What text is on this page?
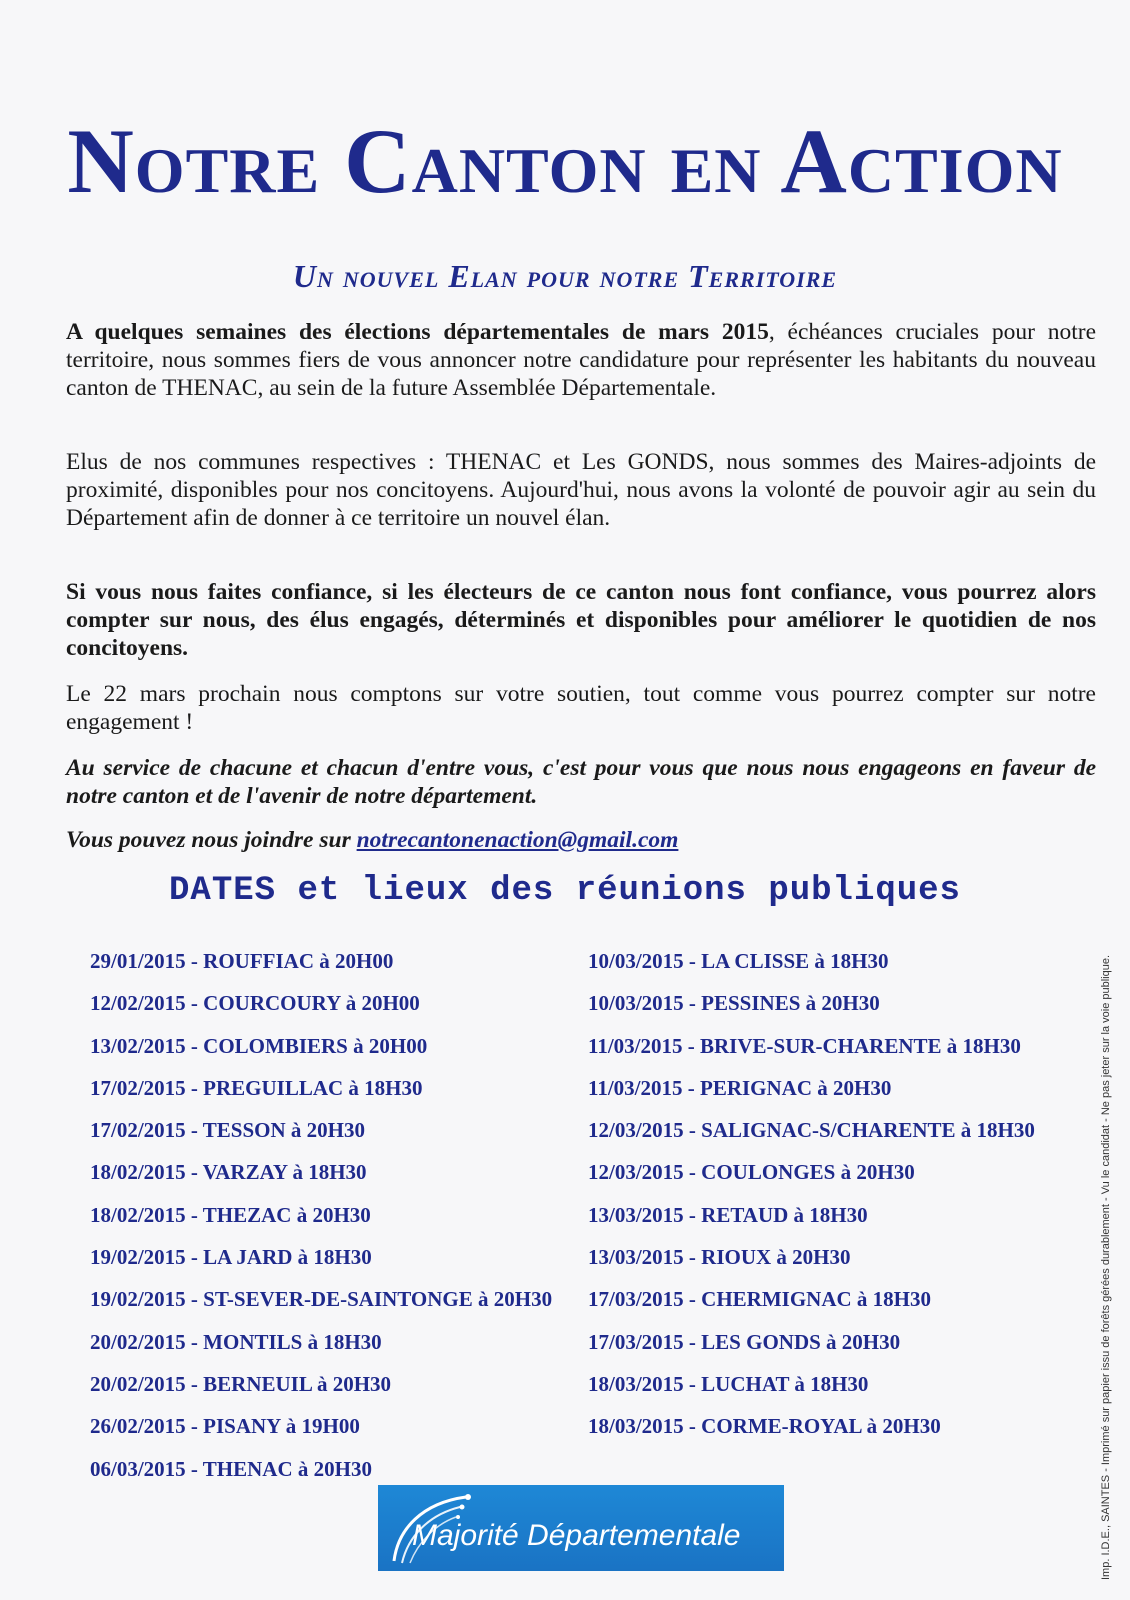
Notre Canton en Action
Un nouvel Elan pour notre Territoire

A quelques semaines des élections départementales de mars 2015, échéances cruciales pour notre territoire, nous sommes fiers de vous annoncer notre candidature pour représenter les habitants du nouveau canton de THENAC, au sein de la future Assemblée Départementale.

Elus de nos communes respectives : THENAC et Les GONDS, nous sommes des Maires-adjoints de proximité, disponibles pour nos concitoyens. Aujourd'hui, nous avons la volonté de pouvoir agir au sein du Département afin de donner à ce territoire un nouvel élan.

Si vous nous faites confiance, si les électeurs de ce canton nous font confiance, vous pourrez alors compter sur nous, des élus engagés, déterminés et disponibles pour améliorer le quotidien de nos concitoyens.

Le 22 mars prochain nous comptons sur votre soutien, tout comme vous pourrez compter sur notre engagement !

Au service de chacune et chacun d'entre vous, c'est pour vous que nous nous engageons en faveur de notre canton et de l'avenir de notre département.

Vous pouvez nous joindre sur notrecantonenaction@gmail.com

DATES et lieux des réunions publiques
29/01/2015 - ROUFFIAC à 20H00
12/02/2015 - COURCOURY à 20H00
13/02/2015 - COLOMBIERS à 20H00
17/02/2015 - PREGUILLAC à 18H30
17/02/2015 - TESSON à 20H30
18/02/2015 - VARZAY à 18H30
18/02/2015 - THEZAC à 20H30
19/02/2015 - LA JARD à 18H30
19/02/2015 - ST-SEVER-DE-SAINTONGE à 20H30
20/02/2015 - MONTILS à 18H30
20/02/2015 - BERNEUIL à 20H30
26/02/2015 - PISANY à 19H00
06/03/2015 - THENAC à 20H30
10/03/2015 - LA CLISSE à 18H30
10/03/2015 - PESSINES à 20H30
11/03/2015 - BRIVE-SUR-CHARENTE à 18H30
11/03/2015 - PERIGNAC à 20H30
12/03/2015 - SALIGNAC-S/CHARENTE à 18H30
12/03/2015 - COULONGES à 20H30
13/03/2015 - RETAUD à 18H30
13/03/2015 - RIOUX à 20H30
17/03/2015 - CHERMIGNAC à 18H30
17/03/2015 - LES GONDS à 20H30
18/03/2015 - LUCHAT à 18H30
18/03/2015 - CORME-ROYAL à 20H30	Imp. I.D.E., SAINTES - Imprimé sur papier issu de forêts gérées durablement - Vu le candidat - Ne pas jeter sur la voie publique.
Majorité Départementale
